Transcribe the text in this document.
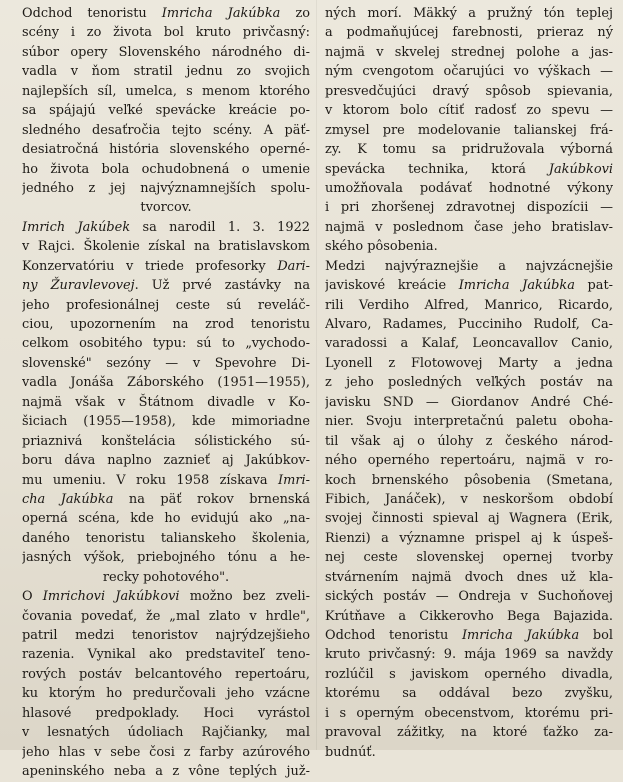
Odchod tenoristu Imricha Jakúbka zo
scény i zo života bol kruto privčasný:
súbor opery Slovenského národného di-
vadla v ňom stratil jednu zo svojich
najlepších síl, umelca, s menom ktorého
sa spájajú veľké spevácke kreácie po-
sledného desaťročia tejto scény. A päť-
desiatročná história slovenského operné-
ho života bola ochudobnená o umenie
jedného z jej najvýznamnejších spolu-
tvorcov.
Imrich Jakúbek sa narodil 1. 3. 1922
v Rajci. Školenie získal na bratislavskom
Konzervatóriu v triede profesorky Dari-
ny Žuravlevovej. Už prvé zastávky na
jeho profesionálnej ceste sú reveláč-
ciou, upozornením na zrod tenoristu
celkom osobitého typu: sú to „vychodo-
slovenské" sezóny — v Spevohre Di-
vadla Jonáša Záborského (1951—1955),
najmä však v Štátnom divadle v Ko-
šiciach (1955—1958), kde mimoriadne
priaznivá konštelácia sólistického sú-
boru dáva naplno zaznieť aj Jakúbkov-
mu umeniu. V roku 1958 získava Imri-
cha Jakúbka na päť rokov brnenská
operná scéna, kde ho evidujú ako „na-
daného tenoristu talianskeho školenia,
jasných výšok, priebojného tónu a he-
recky pohotového".
O Imrichovi Jakúbkovi možno bez zveli-
čovania povedať, že „mal zlato v hrdle",
patril medzi tenoristov najrýdzejšieho
razenia. Vynikal ako predstaviteľ teno-
rových postáv belcantového repertoáru,
ku ktorým ho predurčovali jeho vzácne
hlasové predpoklady. Hoci vyrástol
v lesnatých údoliach Rajčianky, mal
jeho hlas v sebe čosi z farby azúrového
apeninského neba a z vône teplých juž-
ných morí. Mäkký a pružný tón teplej
a podmaňujúcej farebnosti, prieraz ný
najmä v skvelej strednej polohe a jas-
ným cvengotom očarujúci vo výškach —
presvedčujúci dravý spôsob spievania,
v ktorom bolo cítiť radosť zo spevu —
zmysel pre modelovanie talianskej frá-
zy. K tomu sa pridružovala výborná
spevácka technika, ktorá Jakúbkovi
umožňovala podávať hodnotné výkony
i pri zhoršenej zdravotnej dispozícii —
najmä v poslednom čase jeho bratislav-
ského pôsobenia.
Medzi najvýraznejšie a najvzácnejšie
javiskové kreácie Imricha Jakúbka pat-
rili Verdiho Alfred, Manrico, Ricardo,
Alvaro, Radames, Pucciniho Rudolf, Ca-
varadossi a Kalaf, Leoncavallov Canio,
Lyonell z Flotowovej Marty a jedna
z jeho posledných veľkých postáv na
javisku SND — Giordanov André Ché-
nier. Svoju interpretačnú paletu oboha-
til však aj o úlohy z českého národ-
ného operného repertoáru, najmä v ro-
koch brnenského pôsobenia (Smetana,
Fibich, Janáček), v neskoršom období
svojej činnosti spieval aj Wagnera (Erik,
Rienzi) a významne prispel aj k úspeš-
nej ceste slovenskej opernej tvorby
stvárnením najmä dvoch dnes už kla-
sických postáv — Ondreja v Suchoňovej
Krútňave a Cikkerovho Bega Bajazida.
Odchod tenoristu Imricha Jakúbka bol
kruto privčasný: 9. mája 1969 sa navždy
rozlúčil s javiskom operného divadla,
ktorému sa oddával bezo zvyšku,
i s operným obecenstvom, ktorému pri-
pravoval zážitky, na ktoré ťažko za-
budnúť.
